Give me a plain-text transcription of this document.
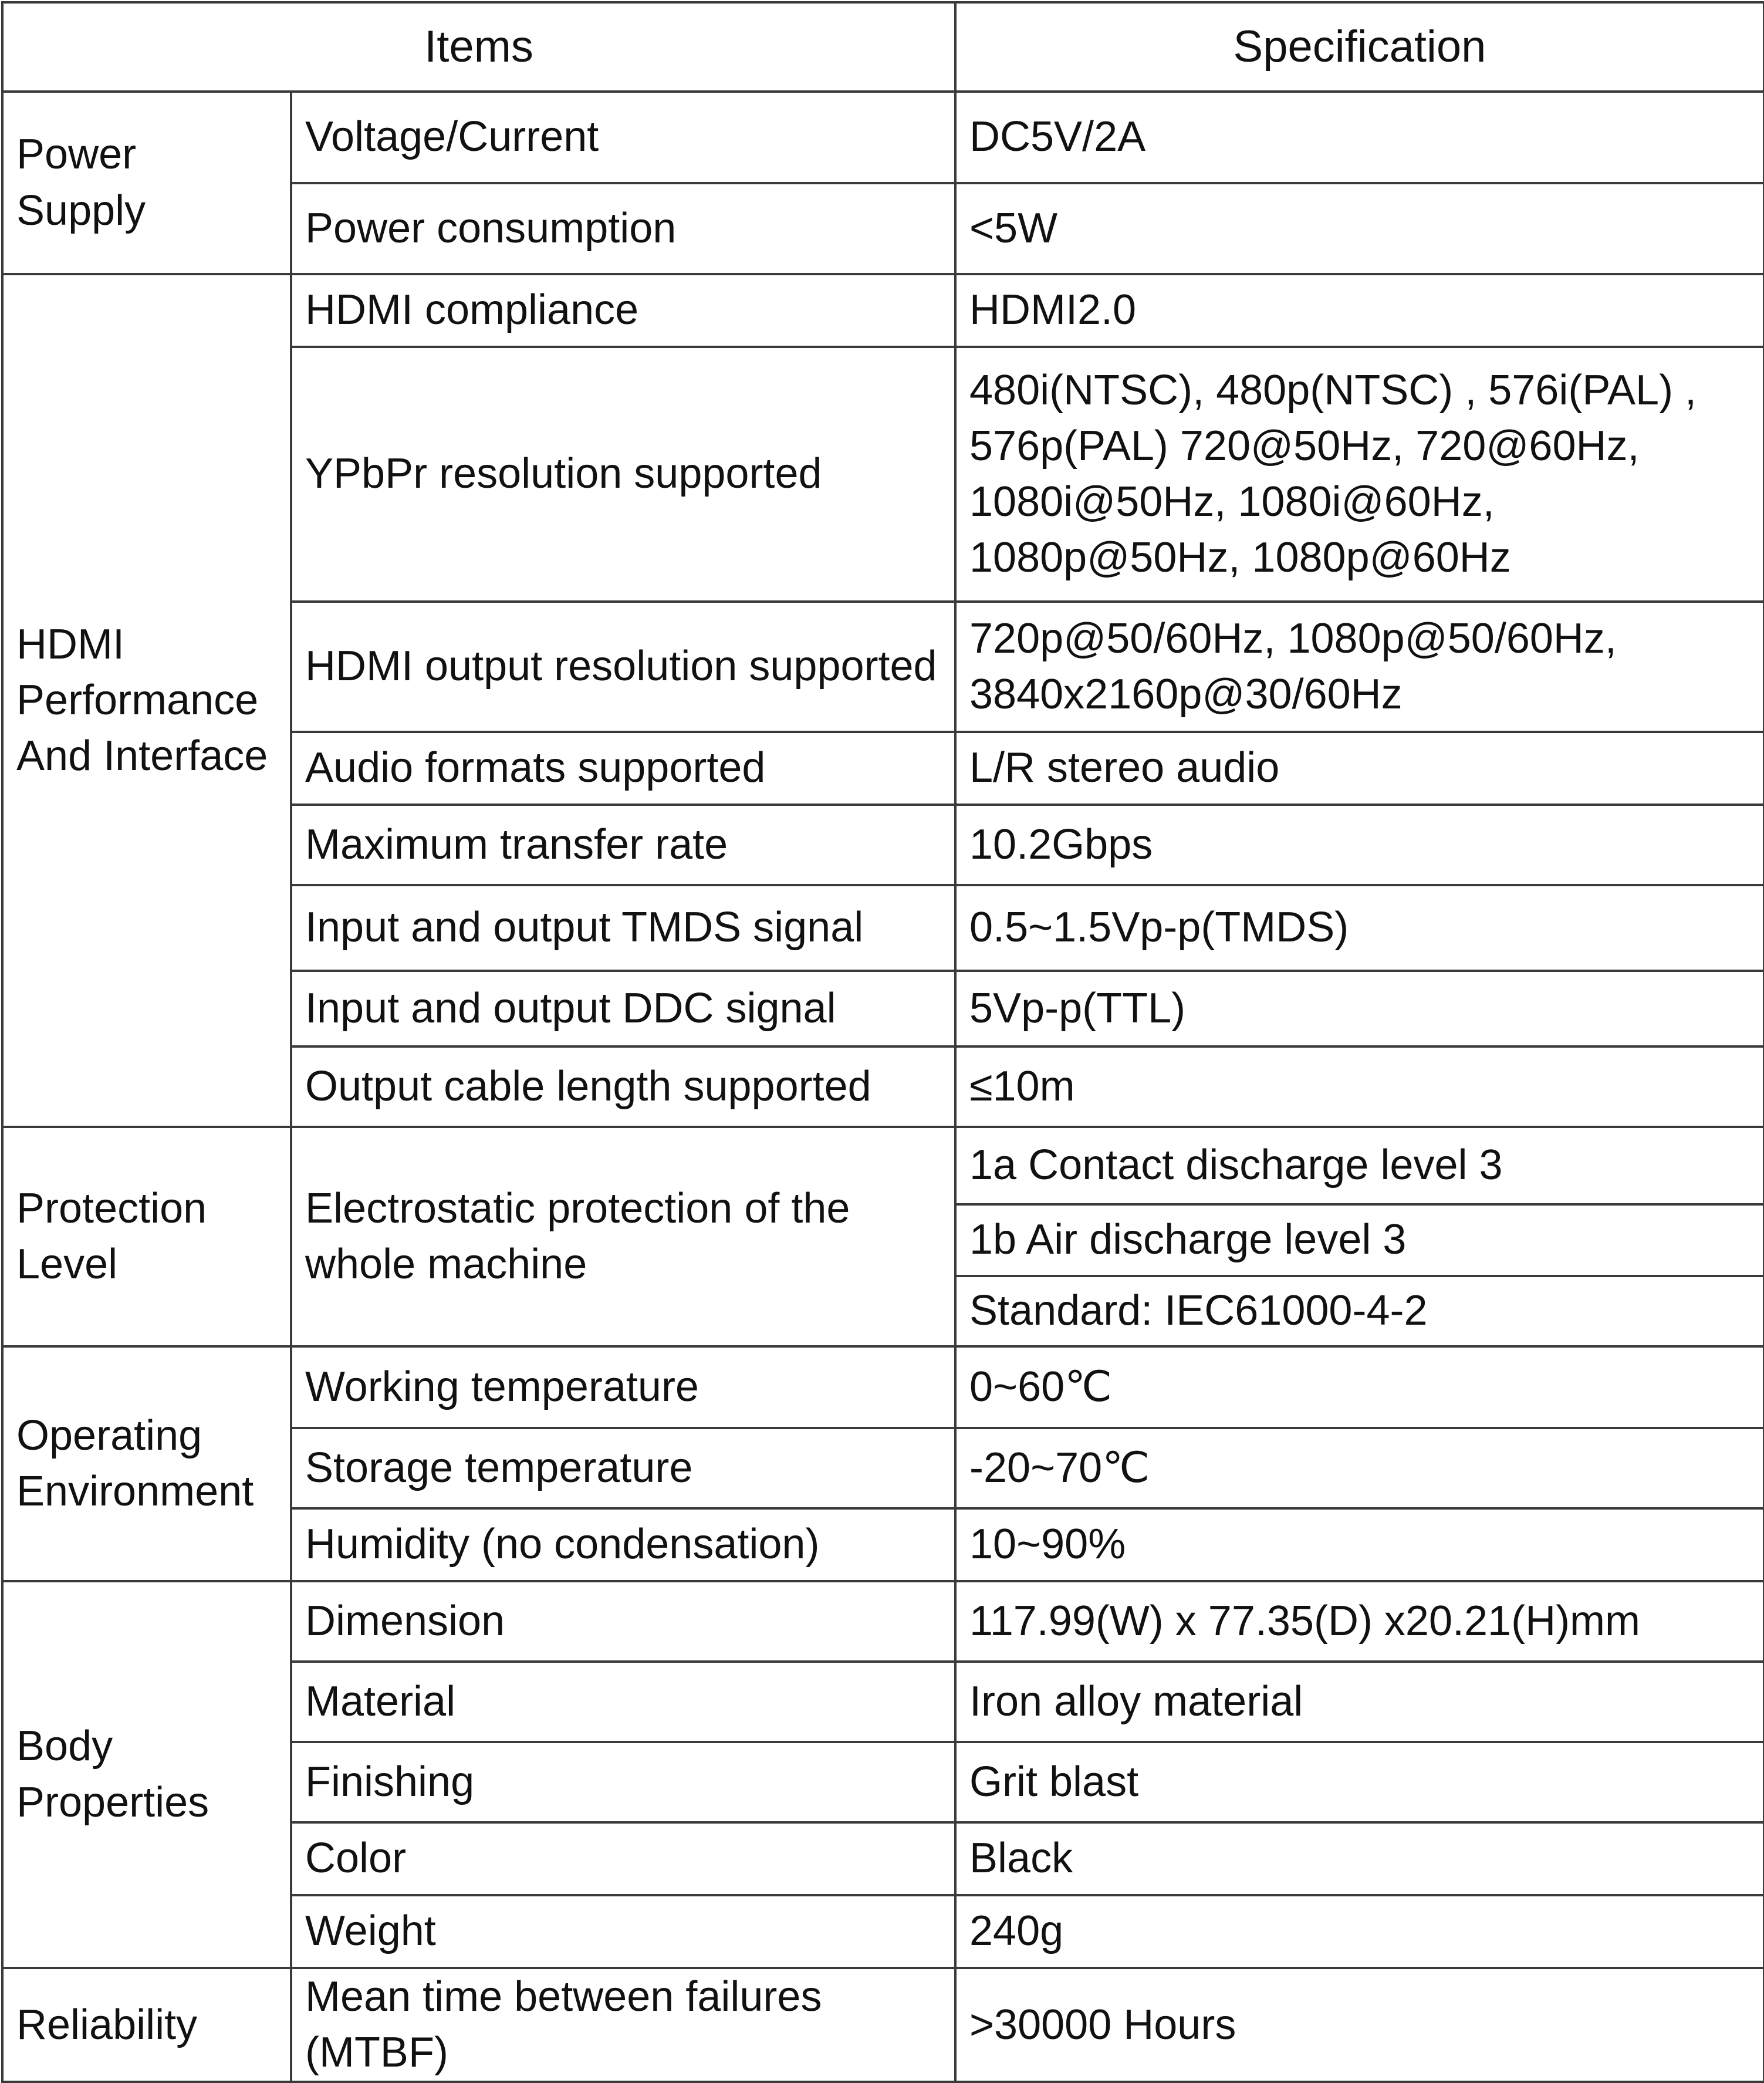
Items		Specification
Power Supply	Voltage/Current	DC5V/2A
	Power consumption	<5W
HDMI Performance And Interface	HDMI compliance	HDMI2.0
	YPbPr resolution supported	480i(NTSC), 480p(NTSC) , 576i(PAL) , 576p(PAL) 720@50Hz, 720@60Hz, 1080i@50Hz, 1080i@60Hz, 1080p@50Hz, 1080p@60Hz
	HDMI output resolution supported	720p@50/60Hz, 1080p@50/60Hz, 3840x2160p@30/60Hz
	Audio formats supported	L/R stereo audio
	Maximum transfer rate	10.2Gbps
	Input and output TMDS signal	0.5~1.5Vp-p(TMDS)
	Input and output DDC signal	5Vp-p(TTL)
	Output cable length supported	≤10m
Protection Level	Electrostatic protection of the whole machine	1a Contact discharge level 3
		1b Air discharge level 3
		Standard: IEC61000-4-2
Operating Environment	Working temperature	0~60℃
	Storage temperature	-20~70℃
	Humidity (no condensation)	10~90%
Body Properties	Dimension	117.99(W) x 77.35(D) x20.21(H)mm
	Material	Iron alloy material
	Finishing	Grit blast
	Color	Black
	Weight	240g
Reliability	Mean time between failures (MTBF)	>30000 Hours
